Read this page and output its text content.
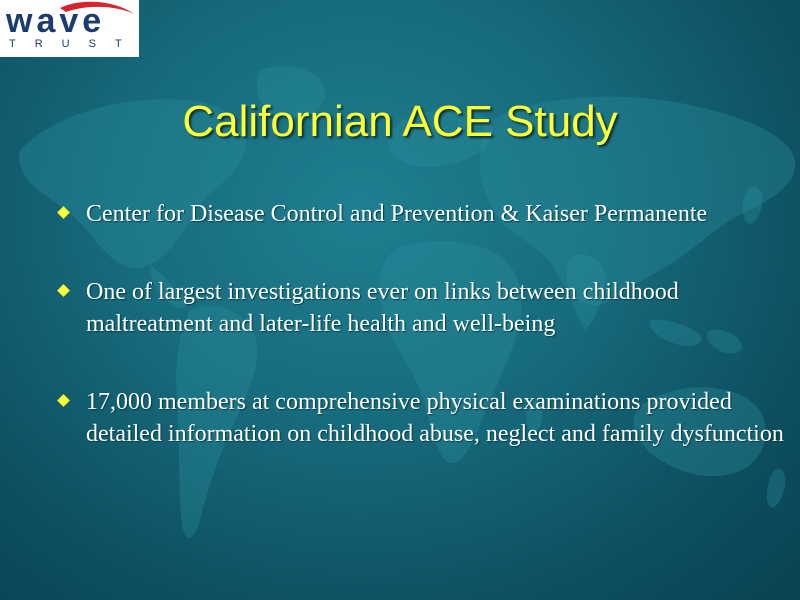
wave
TRUST
Californian ACE Study
Center for Disease Control and Prevention & Kaiser Permanente
One of largest investigations ever on links between childhood maltreatment and later-life health and well-being
17,000 members at comprehensive physical examinations provided detailed information on childhood abuse, neglect and family dysfunction
